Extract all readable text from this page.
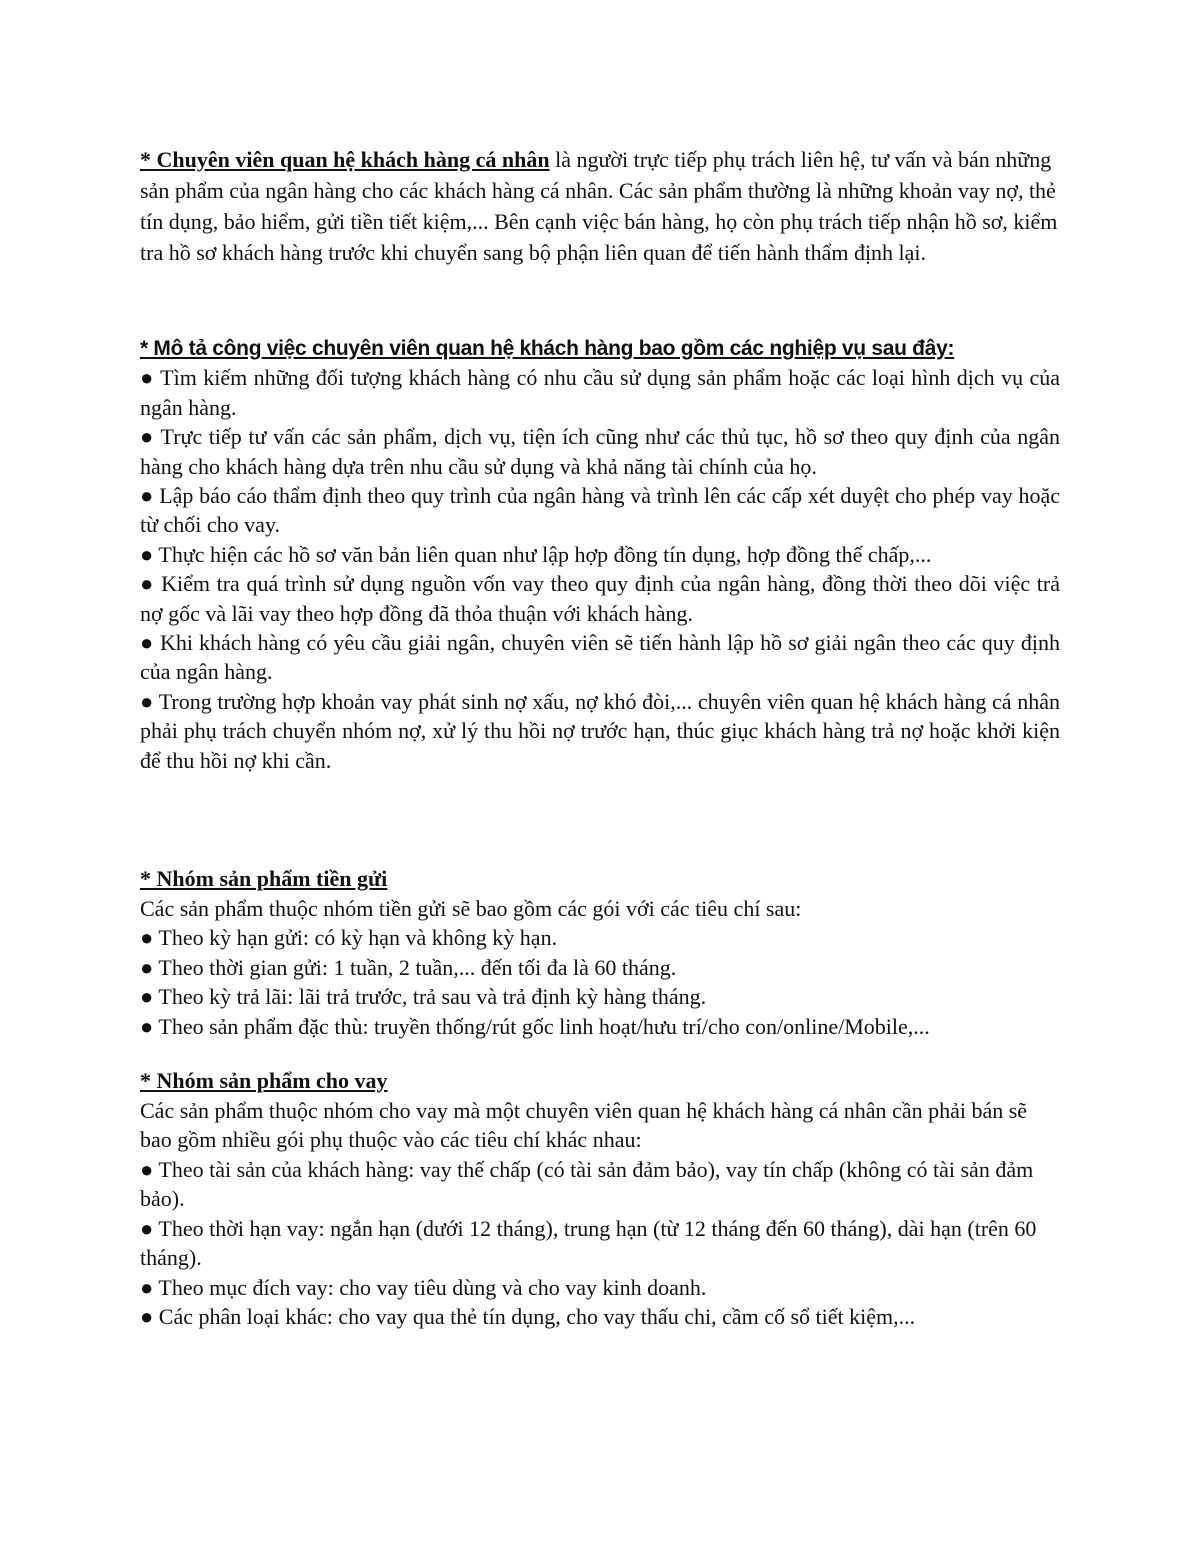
* Chuyên viên quan hệ khách hàng cá nhân là người trực tiếp phụ trách liên hệ, tư vấn và bán những sản phẩm của ngân hàng cho các khách hàng cá nhân. Các sản phẩm thường là những khoản vay nợ, thẻ tín dụng, bảo hiểm, gửi tiền tiết kiệm,... Bên cạnh việc bán hàng, họ còn phụ trách tiếp nhận hồ sơ, kiểm tra hồ sơ khách hàng trước khi chuyển sang bộ phận liên quan để tiến hành thẩm định lại.

* Mô tả công việc chuyên viên quan hệ khách hàng bao gồm các nghiệp vụ sau đây:

● Tìm kiếm những đối tượng khách hàng có nhu cầu sử dụng sản phẩm hoặc các loại hình dịch vụ của ngân hàng.

● Trực tiếp tư vấn các sản phẩm, dịch vụ, tiện ích cũng như các thủ tục, hồ sơ theo quy định của ngân hàng cho khách hàng dựa trên nhu cầu sử dụng và khả năng tài chính của họ.

● Lập báo cáo thẩm định theo quy trình của ngân hàng và trình lên các cấp xét duyệt cho phép vay hoặc từ chối cho vay.

● Thực hiện các hồ sơ văn bản liên quan như lập hợp đồng tín dụng, hợp đồng thế chấp,...

● Kiểm tra quá trình sử dụng nguồn vốn vay theo quy định của ngân hàng, đồng thời theo dõi việc trả nợ gốc và lãi vay theo hợp đồng đã thỏa thuận với khách hàng.

● Khi khách hàng có yêu cầu giải ngân, chuyên viên sẽ tiến hành lập hồ sơ giải ngân theo các quy định của ngân hàng.

● Trong trường hợp khoản vay phát sinh nợ xấu, nợ khó đòi,... chuyên viên quan hệ khách hàng cá nhân phải phụ trách chuyển nhóm nợ, xử lý thu hồi nợ trước hạn, thúc giục khách hàng trả nợ hoặc khởi kiện để thu hồi nợ khi cần.

* Nhóm sản phẩm tiền gửi

Các sản phẩm thuộc nhóm tiền gửi sẽ bao gồm các gói với các tiêu chí sau:

● Theo kỳ hạn gửi: có kỳ hạn và không kỳ hạn.

● Theo thời gian gửi: 1 tuần, 2 tuần,... đến tối đa là 60 tháng.

● Theo kỳ trả lãi: lãi trả trước, trả sau và trả định kỳ hàng tháng.

● Theo sản phẩm đặc thù: truyền thống/rút gốc linh hoạt/hưu trí/cho con/online/Mobile,...

* Nhóm sản phẩm cho vay

Các sản phẩm thuộc nhóm cho vay mà một chuyên viên quan hệ khách hàng cá nhân cần phải bán sẽ bao gồm nhiều gói phụ thuộc vào các tiêu chí khác nhau:

● Theo tài sản của khách hàng: vay thế chấp (có tài sản đảm bảo), vay tín chấp (không có tài sản đảm bảo).

● Theo thời hạn vay: ngắn hạn (dưới 12 tháng), trung hạn (từ 12 tháng đến 60 tháng), dài hạn (trên 60 tháng).

● Theo mục đích vay: cho vay tiêu dùng và cho vay kinh doanh.

● Các phân loại khác: cho vay qua thẻ tín dụng, cho vay thấu chi, cầm cố sổ tiết kiệm,...
